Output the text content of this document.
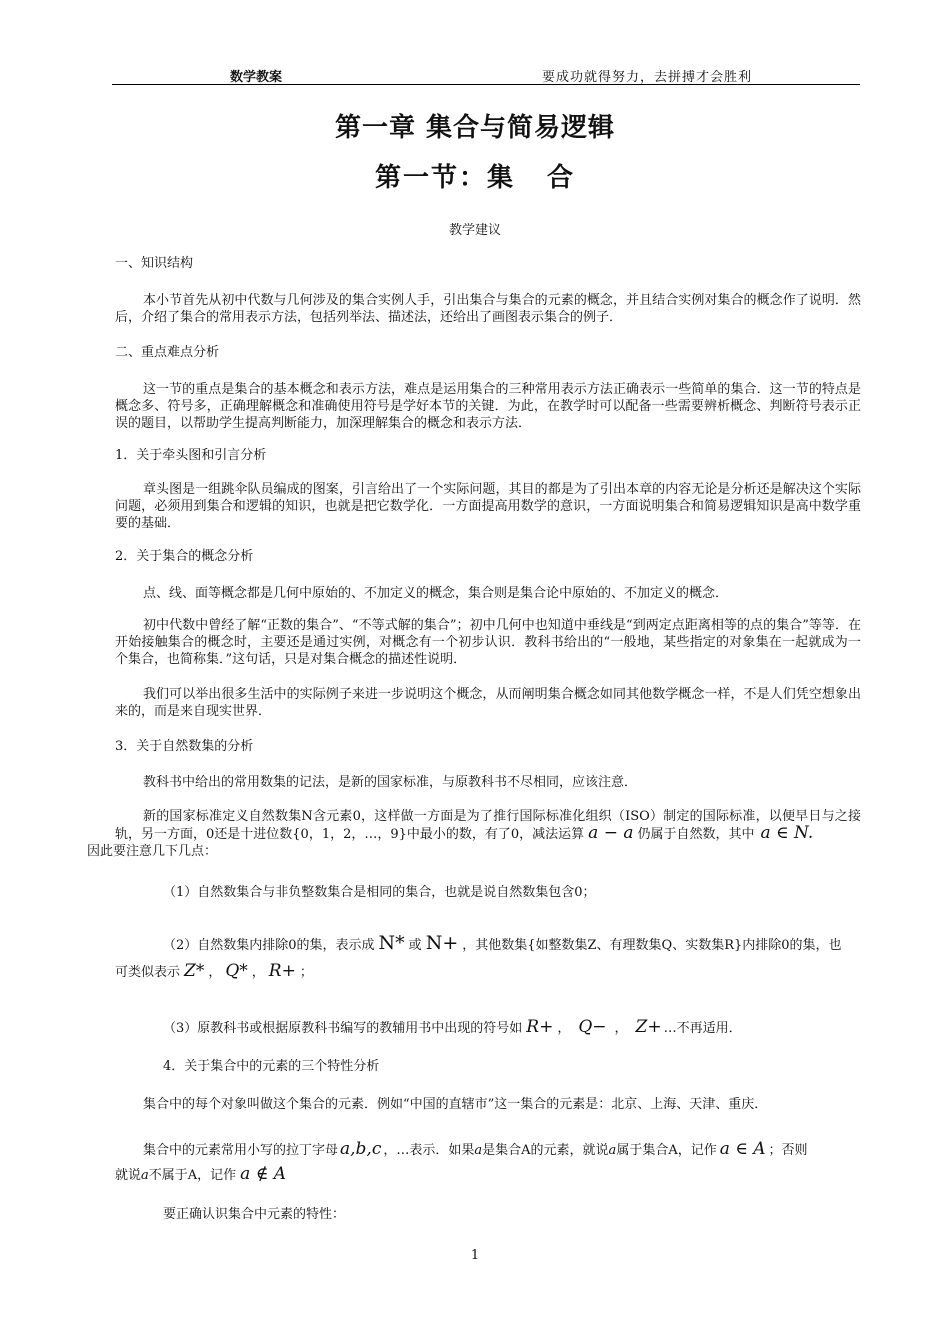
数学教案	要成功就得努力，去拼搏才会胜利
第一章 集合与简易逻辑
第一节：集 合
教学建议
一、知识结构
本小节首先从初中代数与几何涉及的集合实例人手，引出集合与集合的元素的概念，并且结合实例对集合的概念作了说明．然后，介绍了集合的常用表示方法，包括列举法、描述法，还给出了画图表示集合的例子．
二、重点难点分析
这一节的重点是集合的基本概念和表示方法，难点是运用集合的三种常用表示方法正确表示一些简单的集合．这一节的特点是概念多、符号多，正确理解概念和准确使用符号是学好本节的关键．为此，在教学时可以配备一些需要辨析概念、判断符号表示正误的题目，以帮助学生提高判断能力，加深理解集合的概念和表示方法．
1．关于牵头图和引言分析
章头图是一组跳伞队员编成的图案，引言给出了一个实际问题，其目的都是为了引出本章的内容无论是分析还是解决这个实际问题，必须用到集合和逻辑的知识，也就是把它数学化．一方面提高用数学的意识，一方面说明集合和简易逻辑知识是高中数学重要的基础．
2．关于集合的概念分析
点、线、面等概念都是几何中原始的、不加定义的概念，集合则是集合论中原始的、不加定义的概念．
初中代数中曾经了解“正数的集合”、“不等式解的集合”；初中几何中也知道中垂线是“到两定点距离相等的点的集合”等等．在开始接触集合的概念时，主要还是通过实例，对概念有一个初步认识．教科书给出的“一般地，某些指定的对象集在一起就成为一个集合，也简称集．”这句话，只是对集合概念的描述性说明．
我们可以举出很多生活中的实际例子来进一步说明这个概念，从而阐明集合概念如同其他数学概念一样，不是人们凭空想象出来的，而是来自现实世界．
3．关于自然数集的分析
教科书中给出的常用数集的记法，是新的国家标准，与原教科书不尽相同，应该注意．
新的国家标准定义自然数集N含元素0，这样做一方面是为了推行国际标准化组织（ISO）制定的国际标准，以便早日与之接轨，另一方面，0还是十进位数{0，1，2，…，9}中最小的数，有了0，减法运算 a − a 仍属于自然数，其中 a ∈ N.
因此要注意几下几点：
（1）自然数集合与非负整数集合是相同的集合，也就是说自然数集包含0；
（2）自然数集内排除0的集，表示成 N* 或 N+ ，其他数集{如整数集Z、有理数集Q、实数集R}内排除0的集，也
可类似表示 Z* ， Q* ， R+ ；
（3）原教科书或根据原教科书编写的教辅用书中出现的符号如 R+ ， Q− ， Z+ …不再适用．
4．关于集合中的元素的三个特性分析
集合中的每个对象叫做这个集合的元素．例如“中国的直辖市”这一集合的元素是：北京、上海、天津、重庆．
集合中的元素常用小写的拉丁字母 a,b,c ，…表示．如果a是集合A的元素，就说a属于集合A，记作 a ∈ A ；否则
就说a不属于A，记作 a ∉ A
要正确认识集合中元素的特性：
1
